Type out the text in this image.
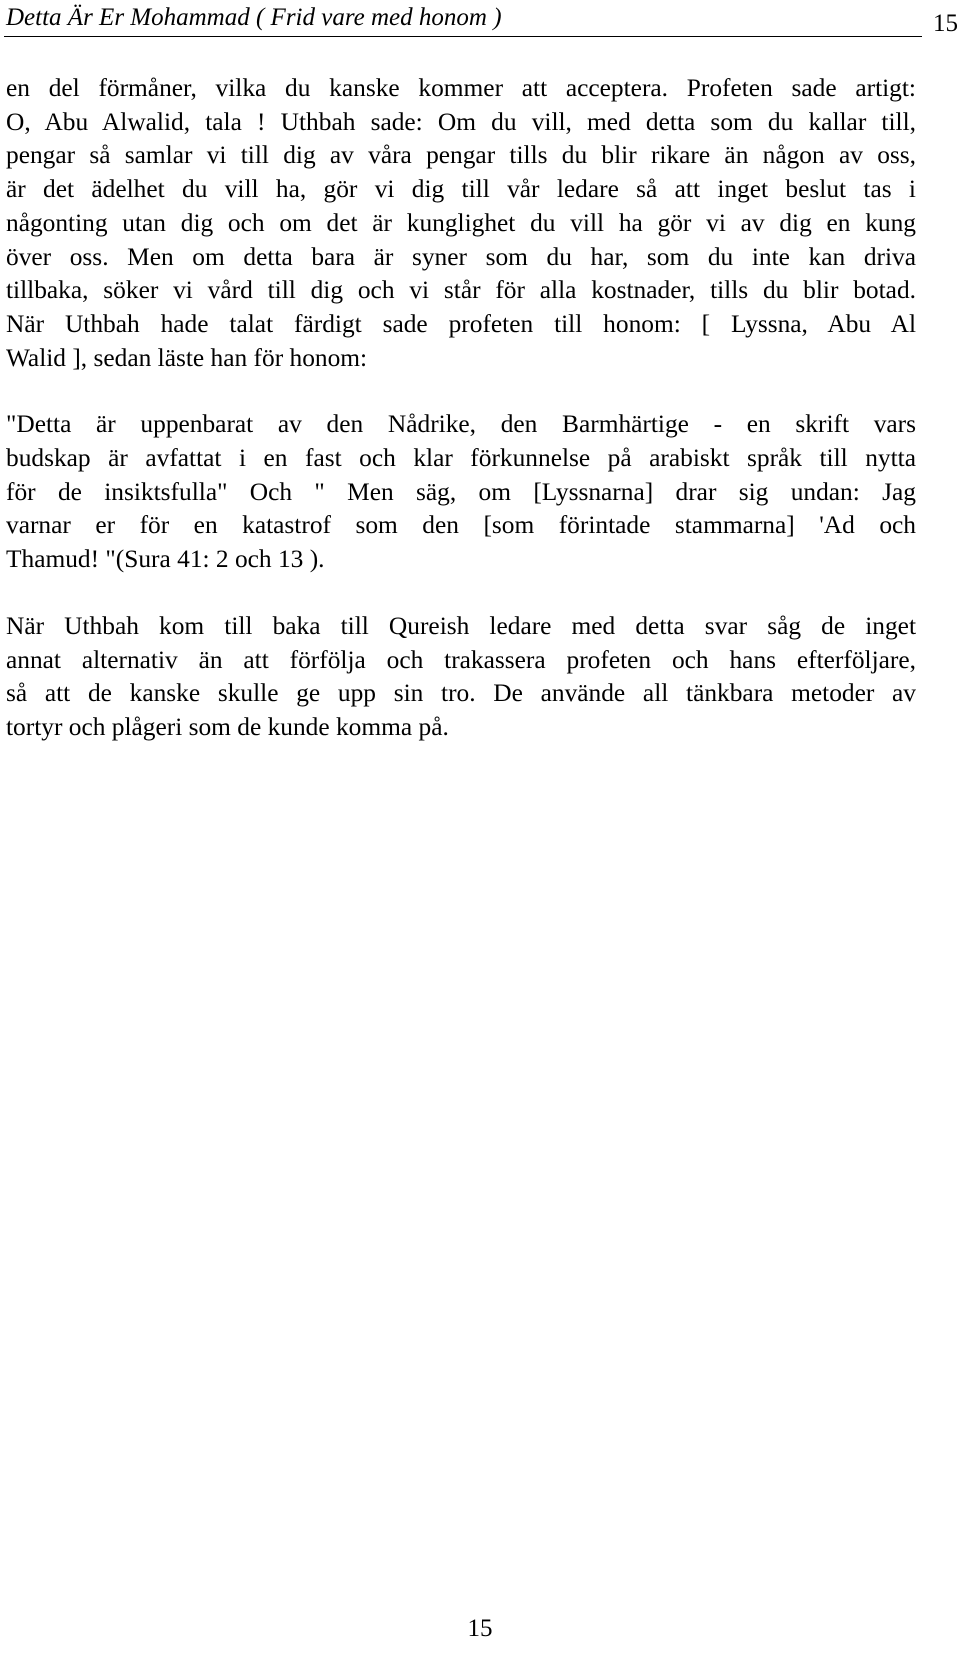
Detta Är Er Mohammad ( Frid vare med honom )	15
en del förmåner, vilka du kanske kommer att acceptera. Profeten sade artigt:
O, Abu Alwalid, tala ! Uthbah sade: Om du vill, med detta som du kallar till,
pengar så samlar vi till dig av våra pengar tills du blir rikare än någon av oss,
är det ädelhet du vill ha, gör vi dig till vår ledare så att inget beslut tas i
någonting utan dig och om det är kunglighet du vill ha gör vi av dig en kung
över oss. Men om detta bara är syner som du har, som du inte kan driva
tillbaka, söker vi vård till dig och vi står för alla kostnader, tills du blir botad.
När Uthbah hade talat färdigt sade profeten till honom: [ Lyssna, Abu Al
Walid ], sedan läste han för honom:
"Detta är uppenbarat av den Nådrike, den Barmhärtige - en skrift vars
budskap är avfattat i en fast och klar förkunnelse på arabiskt språk till nytta
för de insiktsfulla" Och " Men säg, om [Lyssnarna] drar sig undan: Jag
varnar er för en katastrof som den [som förintade stammarna] 'Ad och
Thamud! "(Sura 41: 2 och 13 ).
När Uthbah kom till baka till Qureish ledare med detta svar såg de inget
annat alternativ än att förfölja och trakassera profeten och hans efterföljare,
så att de kanske skulle ge upp sin tro. De använde all tänkbara metoder av
tortyr och plågeri som de kunde komma på.
15
